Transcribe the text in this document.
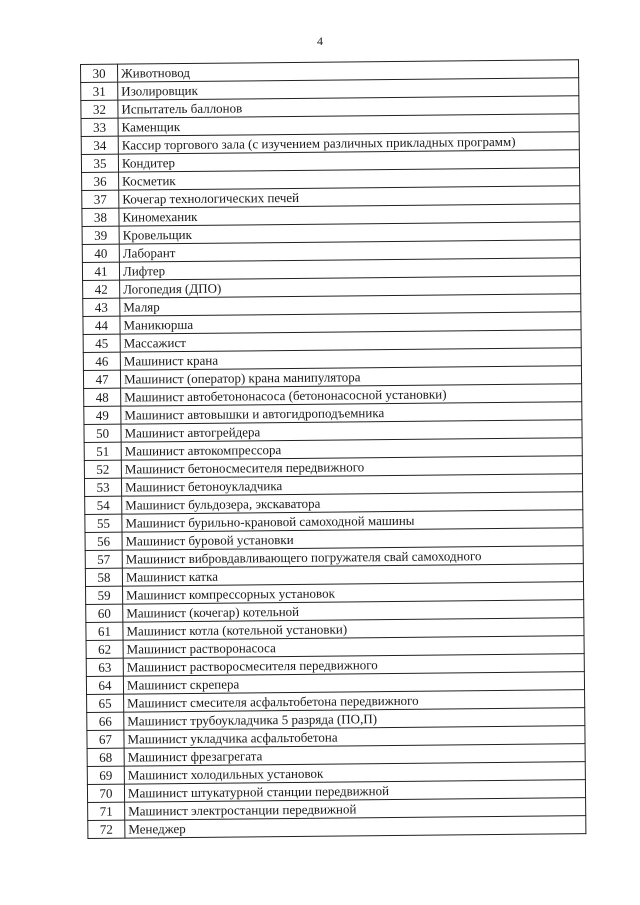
4
30	Животновод
31	Изолировщик
32	Испытатель баллонов
33	Каменщик
34	Кассир торгового зала (с изучением различных прикладных программ)
35	Кондитер
36	Косметик
37	Кочегар технологических печей
38	Киномеханик
39	Кровельщик
40	Лаборант
41	Лифтер
42	Логопедия (ДПО)
43	Маляр
44	Маникюрша
45	Массажист
46	Машинист крана
47	Машинист (оператор) крана манипулятора
48	Машинист автобетононасоса (бетононасосной установки)
49	Машинист автовышки и автогидроподъемника
50	Машинист автогрейдера
51	Машинист автокомпрессора
52	Машинист бетоносмесителя передвижного
53	Машинист бетоноукладчика
54	Машинист бульдозера, экскаватора
55	Машинист бурильно-крановой самоходной машины
56	Машинист буровой установки
57	Машинист вибровдавливающего погружателя свай самоходного
58	Машинист катка
59	Машинист компрессорных установок
60	Машинист (кочегар) котельной
61	Машинист котла (котельной установки)
62	Машинист растворонасоса
63	Машинист растворосмесителя передвижного
64	Машинист скрепера
65	Машинист смесителя асфальтобетона передвижного
66	Машинист трубоукладчика 5 разряда (ПО,П)
67	Машинист укладчика асфальтобетона
68	Машинист фрезагрегата
69	Машинист холодильных установок
70	Машинист штукатурной станции передвижной
71	Машинист электростанции передвижной
72	Менеджер
